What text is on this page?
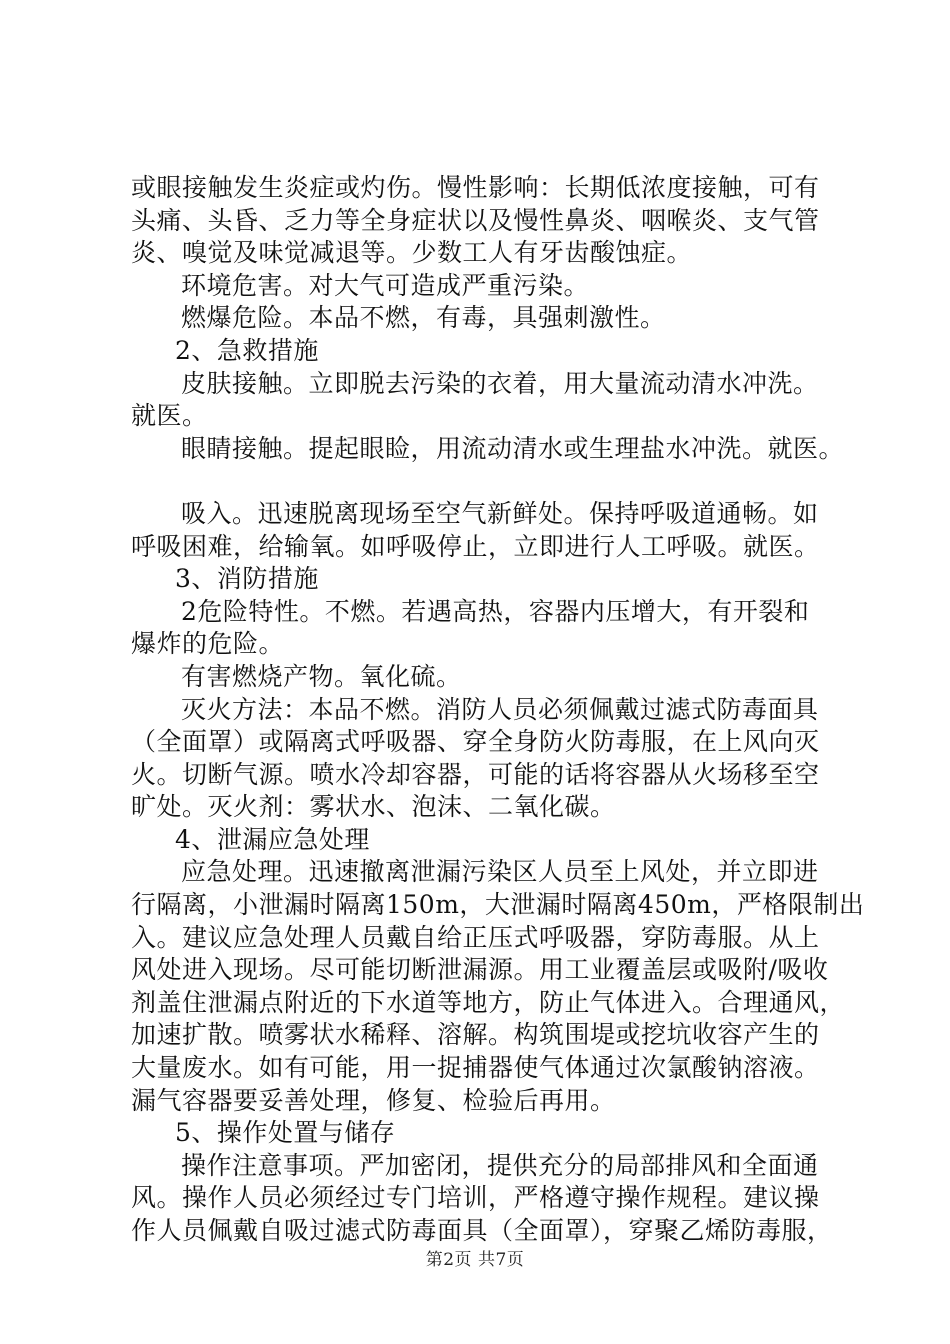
或眼接触发生炎症或灼伤。慢性影响：长期低浓度接触，可有
头痛、头昏、乏力等全身症状以及慢性鼻炎、咽喉炎、支气管
炎、嗅觉及味觉减退等。少数工人有牙齿酸蚀症。
环境危害。对大气可造成严重污染。
燃爆危险。本品不燃，有毒，具强刺激性。
2、急救措施
皮肤接触。立即脱去污染的衣着，用大量流动清水冲洗。
就医。
眼睛接触。提起眼睑，用流动清水或生理盐水冲洗。就医。
吸入。迅速脱离现场至空气新鲜处。保持呼吸道通畅。如
呼吸困难，给输氧。如呼吸停止，立即进行人工呼吸。就医。
3、消防措施
2危险特性。不燃。若遇高热，容器内压增大，有开裂和
爆炸的危险。
有害燃烧产物。氧化硫。
灭火方法：本品不燃。消防人员必须佩戴过滤式防毒面具
（全面罩）或隔离式呼吸器、穿全身防火防毒服，在上风向灭
火。切断气源。喷水冷却容器，可能的话将容器从火场移至空
旷处。灭火剂：雾状水、泡沫、二氧化碳。
4、泄漏应急处理
应急处理。迅速撤离泄漏污染区人员至上风处，并立即进
行隔离，小泄漏时隔离150m，大泄漏时隔离450m，严格限制出
入。建议应急处理人员戴自给正压式呼吸器，穿防毒服。从上
风处进入现场。尽可能切断泄漏源。用工业覆盖层或吸附/吸收
剂盖住泄漏点附近的下水道等地方，防止气体进入。合理通风，
加速扩散。喷雾状水稀释、溶解。构筑围堤或挖坑收容产生的
大量废水。如有可能，用一捉捕器使气体通过次氯酸钠溶液。
漏气容器要妥善处理，修复、检验后再用。
5、操作处置与储存
操作注意事项。严加密闭，提供充分的局部排风和全面通
风。操作人员必须经过专门培训，严格遵守操作规程。建议操
作人员佩戴自吸过滤式防毒面具（全面罩），穿聚乙烯防毒服，
第2页 共7页
